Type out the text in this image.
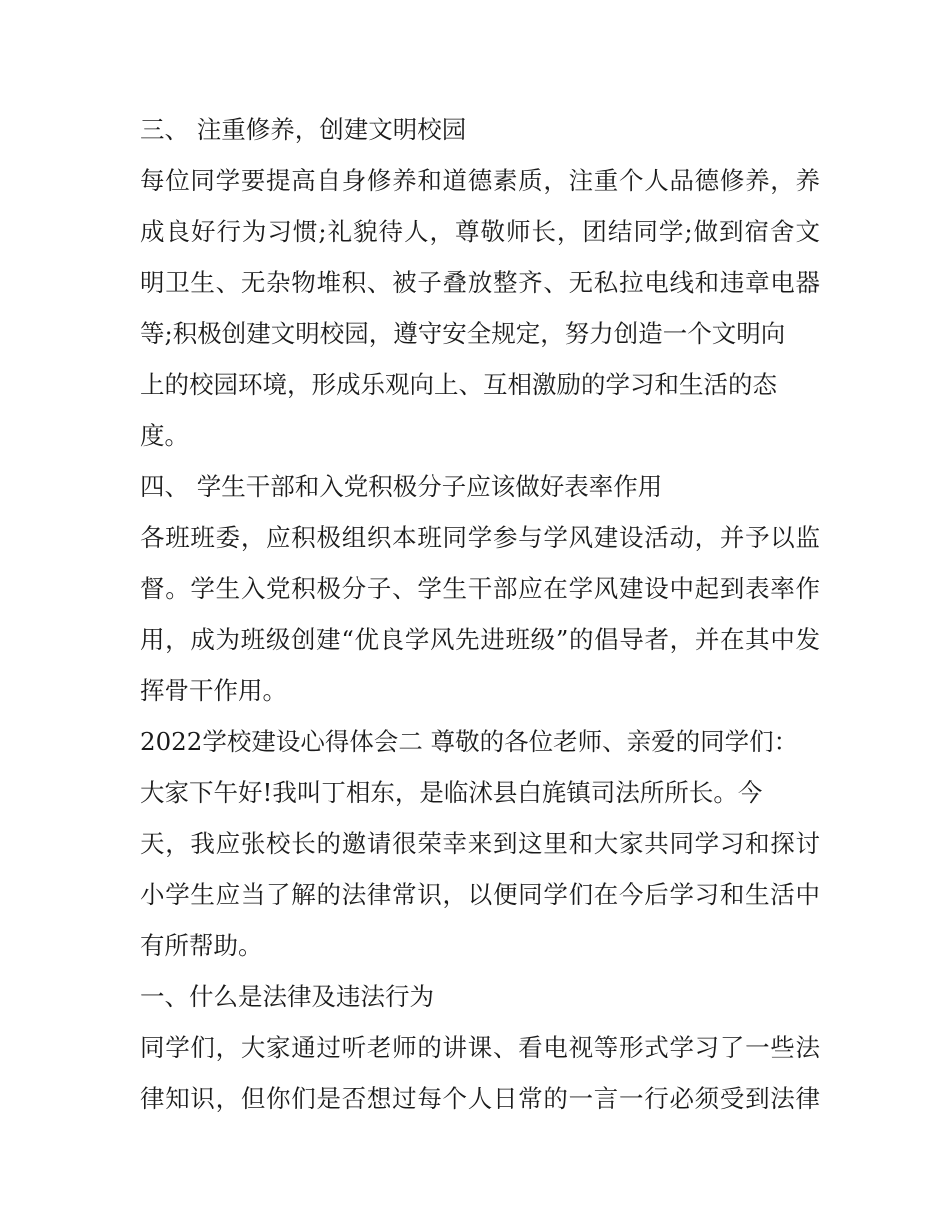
三、 注重修养，创建文明校园
每位同学要提高自身修养和道德素质，注重个人品德修养，养
成良好行为习惯;礼貌待人，尊敬师长，团结同学;做到宿舍文
明卫生、无杂物堆积、被子叠放整齐、无私拉电线和违章电器
等;积极创建文明校园，遵守安全规定，努力创造一个文明向
上的校园环境，形成乐观向上、互相激励的学习和生活的态
度。
四、 学生干部和入党积极分子应该做好表率作用
各班班委，应积极组织本班同学参与学风建设活动，并予以监
督。学生入党积极分子、学生干部应在学风建设中起到表率作
用，成为班级创建“优良学风先进班级”的倡导者，并在其中发
挥骨干作用。
2022学校建设心得体会二 尊敬的各位老师、亲爱的同学们：
大家下午好!我叫丁相东，是临沭县白旄镇司法所所长。今
天，我应张校长的邀请很荣幸来到这里和大家共同学习和探讨
小学生应当了解的法律常识，以便同学们在今后学习和生活中
有所帮助。
一、什么是法律及违法行为
同学们，大家通过听老师的讲课、看电视等形式学习了一些法
律知识，但你们是否想过每个人日常的一言一行必须受到法律
